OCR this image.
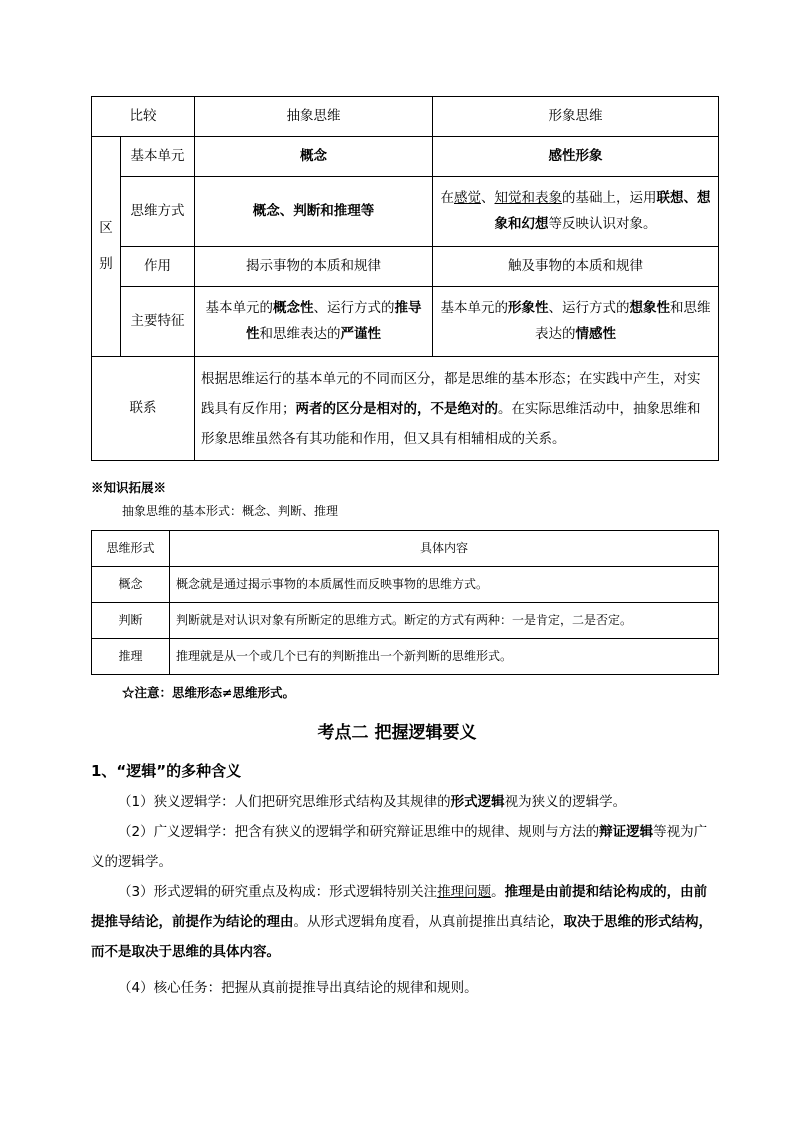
比较		抽象思维	形象思维
区
别	基本单元	概念	感性形象
	思维方式	概念、判断和推理等	在感觉、知觉和表象的基础上，运用联想、想象和幻想等反映认识对象。
	作用	揭示事物的本质和规律	触及事物的本质和规律
	主要特征	基本单元的概念性、运行方式的推导性和思维表达的严谨性	基本单元的形象性、运行方式的想象性和思维表达的情感性
联系		根据思维运行的基本单元的不同而区分，都是思维的基本形态；在实践中产生，对实践具有反作用；两者的区分是相对的，不是绝对的。在实际思维活动中，抽象思维和形象思维虽然各有其功能和作用，但又具有相辅相成的关系。	
※知识拓展※
抽象思维的基本形式：概念、判断、推理
思维形式	具体内容
概念	概念就是通过揭示事物的本质属性而反映事物的思维方式。
判断	判断就是对认识对象有所断定的思维方式。断定的方式有两种：一是肯定，二是否定。
推理	推理就是从一个或几个已有的判断推出一个新判断的思维形式。
☆注意：思维形态≠思维形式。
考点二 把握逻辑要义
1、“逻辑”的多种含义
（1）狭义逻辑学：人们把研究思维形式结构及其规律的形式逻辑视为狭义的逻辑学。
（2）广义逻辑学：把含有狭义的逻辑学和研究辩证思维中的规律、规则与方法的辩证逻辑等视为广义的逻辑学。
（3）形式逻辑的研究重点及构成：形式逻辑特别关注推理问题。推理是由前提和结论构成的，由前提推导结论，前提作为结论的理由。从形式逻辑角度看，从真前提推出真结论，取决于思维的形式结构，而不是取决于思维的具体内容。
（4）核心任务：把握从真前提推导出真结论的规律和规则。
